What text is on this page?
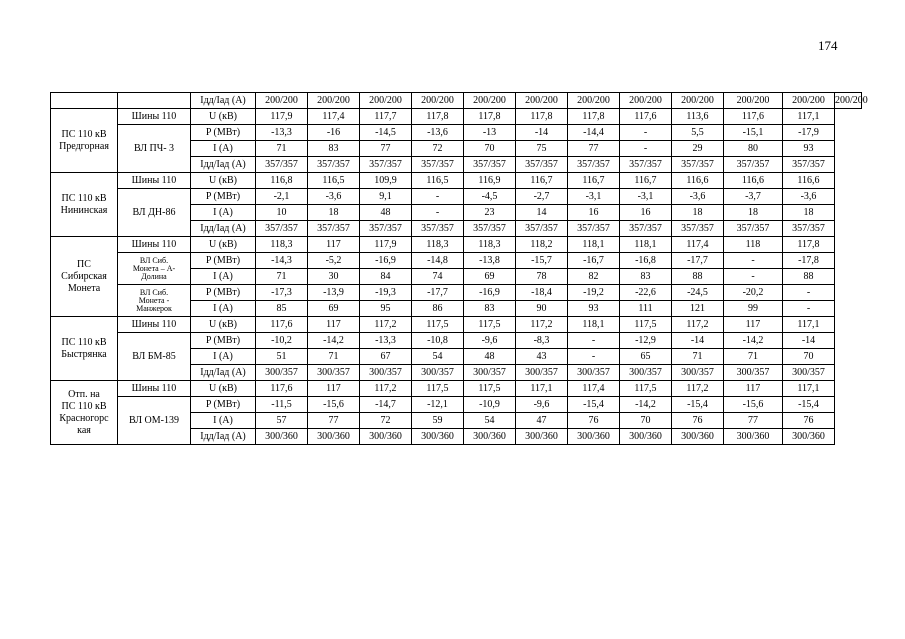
174
		Iдд/Iад (А)	200/200	200/200	200/200	200/200	200/200	200/200	200/200	200/200	200/200	200/200	200/200	200/200
ПС 110 кВ
Предгорная	Шины 110	U (кВ)	117,9	117,4	117,7	117,8	117,8	117,8	117,8	117,6	113,6	117,6	117,1	
	ВЛ ПЧ- 3	P (МВт)	-13,3	-16	-14,5	-13,6	-13	-14	-14,4	-	5,5	-15,1	-17,9	
		I (А)	71	83	77	72	70	75	77	-	29	80	93	
		Iдд/Iад (А)	357/357	357/357	357/357	357/357	357/357	357/357	357/357	357/357	357/357	357/357	357/357	
ПС 110 кВ
Нининская	Шины 110	U (кВ)	116,8	116,5	109,9	116,5	116,9	116,7	116,7	116,7	116,6	116,6	116,6	
	ВЛ ДН-86	P (МВт)	-2,1	-3,6	9,1	-	-4,5	-2,7	-3,1	-3,1	-3,6	-3,7	-3,6	
		I (А)	10	18	48	-	23	14	16	16	18	18	18	
		Iдд/Iад (А)	357/357	357/357	357/357	357/357	357/357	357/357	357/357	357/357	357/357	357/357	357/357	
ПС
Сибирская
Монета	Шины 110	U (кВ)	118,3	117	117,9	118,3	118,3	118,2	118,1	118,1	117,4	118	117,8	

	ВЛ Сиб.
Монета – А-
Долина	P (МВт)	-14,3	-5,2	-16,9	-14,8	-13,8	-15,7	-16,7	-16,8	-17,7	-	-17,8	
		I (А)	71	30	84	74	69	78	82	83	88	-	88	

	ВЛ Сиб.
Монета -
Манжерок	P (МВт)	-17,3	-13,9	-19,3	-17,7	-16,9	-18,4	-19,2	-22,6	-24,5	-20,2	-	
		I (А)	85	69	95	86	83	90	93	111	121	99	-	
ПС 110 кВ
Быстрянка	Шины 110	U (кВ)	117,6	117	117,2	117,5	117,5	117,2	118,1	117,5	117,2	117	117,1	
	ВЛ БМ-85	P (МВт)	-10,2	-14,2	-13,3	-10,8	-9,6	-8,3	-	-12,9	-14	-14,2	-14	
		I (А)	51	71	67	54	48	43	-	65	71	71	70	
		Iдд/Iад (А)	300/357	300/357	300/357	300/357	300/357	300/357	300/357	300/357	300/357	300/357	300/357	
Отп. на
ПС 110 кВ
Красногорс
кая	Шины 110	U (кВ)	117,6	117	117,2	117,5	117,5	117,1	117,4	117,5	117,2	117	117,1	
	ВЛ ОМ-139	P (МВт)	-11,5	-15,6	-14,7	-12,1	-10,9	-9,6	-15,4	-14,2	-15,4	-15,6	-15,4	
		I (А)	57	77	72	59	54	47	76	70	76	77	76	
		Iдд/Iад (А)	300/360	300/360	300/360	300/360	300/360	300/360	300/360	300/360	300/360	300/360	300/360	
